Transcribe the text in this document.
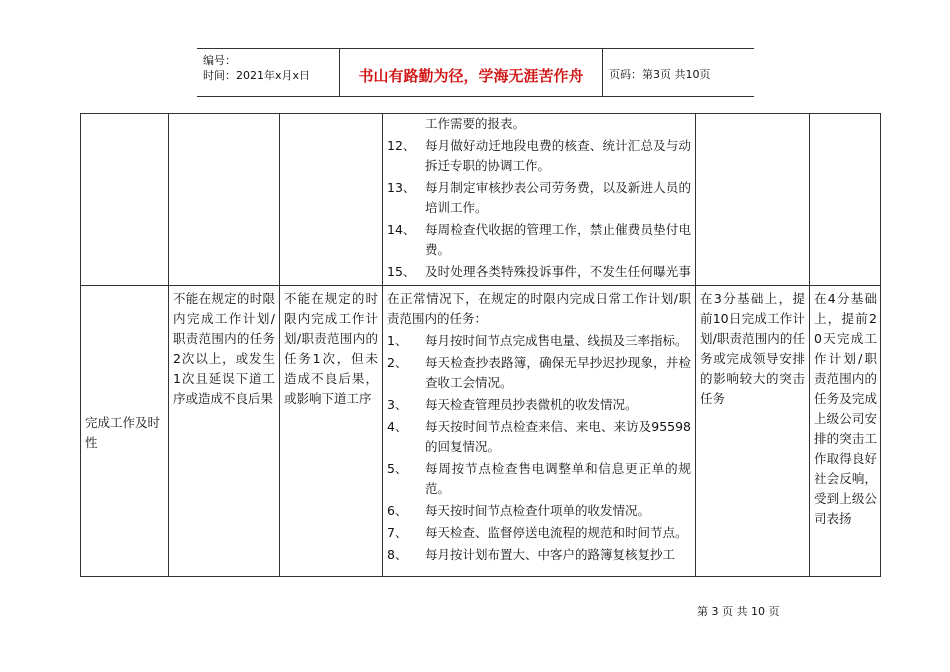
编号：
时间：2021年x月x日	书山有路勤为径，学海无涯苦作舟	页码：第3页 共10页
工作需要的报表。
12、 每月做好动迁地段电费的核查、统计汇总及与动拆迁专职的协调工作。
13、 每月制定审核抄表公司劳务费，以及新进人员的培训工作。
14、 每周检查代收据的管理工作，禁止催费员垫付电费。
15、 及时处理各类特殊投诉事件，不发生任何曝光事
完成工作及时性
不能在规定的时限内完成工作计划/职责范围内的任务2次以上，或发生1次且延误下道工序或造成不良后果
不能在规定的时限内完成工作计划/职责范围内的任务1次，但未造成不良后果，或影响下道工序
在正常情况下，在规定的时限内完成日常工作计划/职责范围内的任务：
1、 每月按时间节点完成售电量、线损及三率指标。
2、 每天检查抄表路簿，确保无早抄迟抄现象，并检查收工会情况。
3、 每天检查管理员抄表微机的收发情况。
4、 每天按时间节点检查来信、来电、来访及95598的回复情况。
5、 每周按节点检查售电调整单和信息更正单的规范。
6、 每天按时间节点检查什项单的收发情况。
7、 每天检查、监督停送电流程的规范和时间节点。
8、 每月按计划布置大、中客户的路簿复核复抄工
在3分基础上，提前10日完成工作计划/职责范围内的任务或完成领导安排的影响较大的突击任务
在4分基础上，提前20天完成工作计划/职责范围内的任务及完成上级公司安排的突击工作取得良好社会反响，受到上级公司表扬
第 3 页 共 10 页
